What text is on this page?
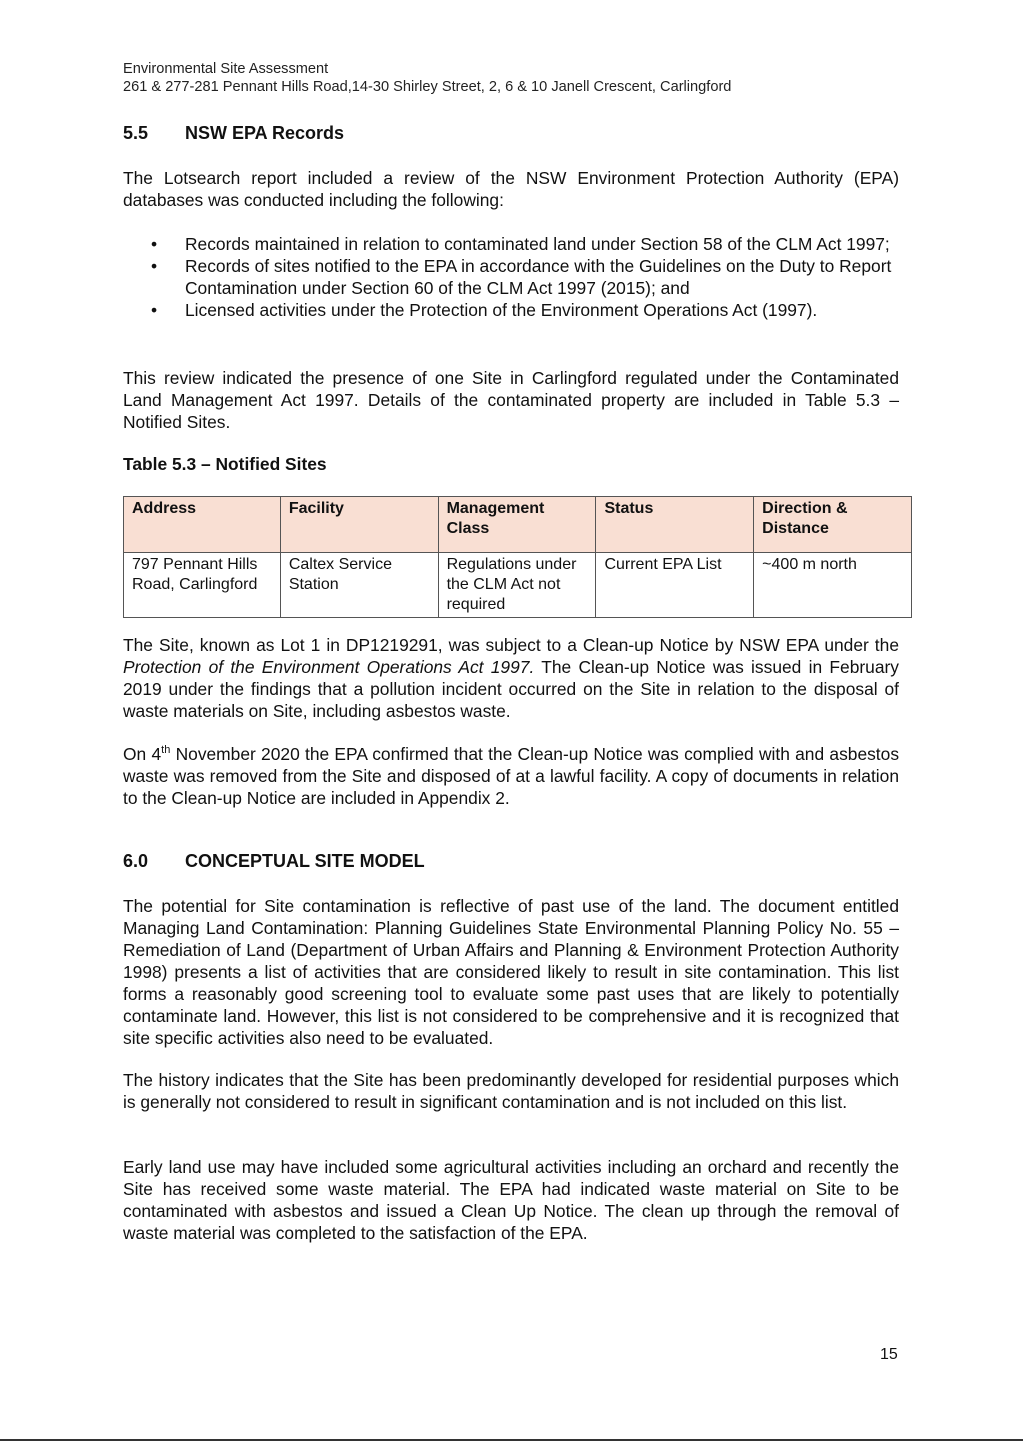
Environmental Site Assessment
261 & 277-281 Pennant Hills Road,14-30 Shirley Street, 2, 6 & 10 Janell Crescent, Carlingford
5.5 NSW EPA Records
The Lotsearch report included a review of the NSW Environment Protection Authority (EPA) databases was conducted including the following:
• Records maintained in relation to contaminated land under Section 58 of the CLM Act 1997;
• Records of sites notified to the EPA in accordance with the Guidelines on the Duty to Report Contamination under Section 60 of the CLM Act 1997 (2015); and
• Licensed activities under the Protection of the Environment Operations Act (1997).
This review indicated the presence of one Site in Carlingford regulated under the Contaminated Land Management Act 1997. Details of the contaminated property are included in Table 5.3 – Notified Sites.
Table 5.3 – Notified Sites
Address	Facility	Management Class	Status	Direction & Distance
797 Pennant Hills Road, Carlingford	Caltex Service Station	Regulations under the CLM Act not required	Current EPA List	~400 m north
The Site, known as Lot 1 in DP1219291, was subject to a Clean-up Notice by NSW EPA under the Protection of the Environment Operations Act 1997. The Clean-up Notice was issued in February 2019 under the findings that a pollution incident occurred on the Site in relation to the disposal of waste materials on Site, including asbestos waste.
On 4th November 2020 the EPA confirmed that the Clean-up Notice was complied with and asbestos waste was removed from the Site and disposed of at a lawful facility. A copy of documents in relation to the Clean-up Notice are included in Appendix 2.
6.0 CONCEPTUAL SITE MODEL
The potential for Site contamination is reflective of past use of the land. The document entitled Managing Land Contamination: Planning Guidelines State Environmental Planning Policy No. 55 – Remediation of Land (Department of Urban Affairs and Planning & Environment Protection Authority 1998) presents a list of activities that are considered likely to result in site contamination. This list forms a reasonably good screening tool to evaluate some past uses that are likely to potentially contaminate land. However, this list is not considered to be comprehensive and it is recognized that site specific activities also need to be evaluated.
The history indicates that the Site has been predominantly developed for residential purposes which is generally not considered to result in significant contamination and is not included on this list.
Early land use may have included some agricultural activities including an orchard and recently the Site has received some waste material. The EPA had indicated waste material on Site to be contaminated with asbestos and issued a Clean Up Notice. The clean up through the removal of waste material was completed to the satisfaction of the EPA.
15
